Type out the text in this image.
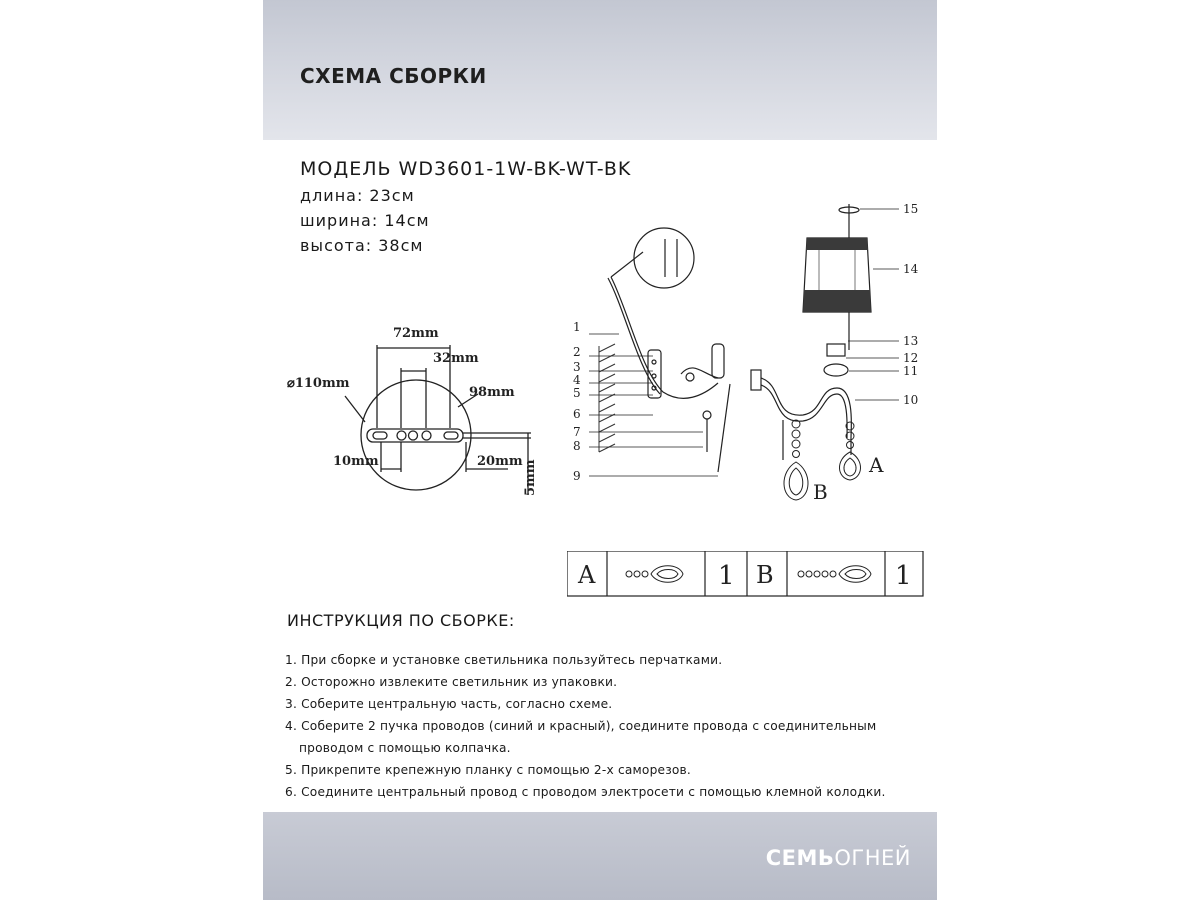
СХЕМА СБОРКИ
МОДЕЛЬ WD3601-1W-BK-WT-BK
длина: 23см
ширина: 14см
высота: 38см
72mm
32mm
⌀110mm
98mm
10mm	20mm 5mm	A
B
1
2
3
4
5
6
7
8
9
10
11
12
13
14
15
A	1 B	1
ИНСТРУКЦИЯ ПО СБОРКЕ:
1. При сборке и установке светильника пользуйтесь перчатками.
2. Осторожно извлеките светильник из упаковки.
3. Соберите центральную часть, согласно схеме.
4. Соберите 2 пучка проводов (синий и красный), соедините провода с соединительным
проводом с помощью колпачка.
5. Прикрепите крепежную планку с помощью 2-х саморезов.
6. Соедините центральный провод с проводом электросети с помощью клемной колодки.
СЕМЬОГНЕЙ
